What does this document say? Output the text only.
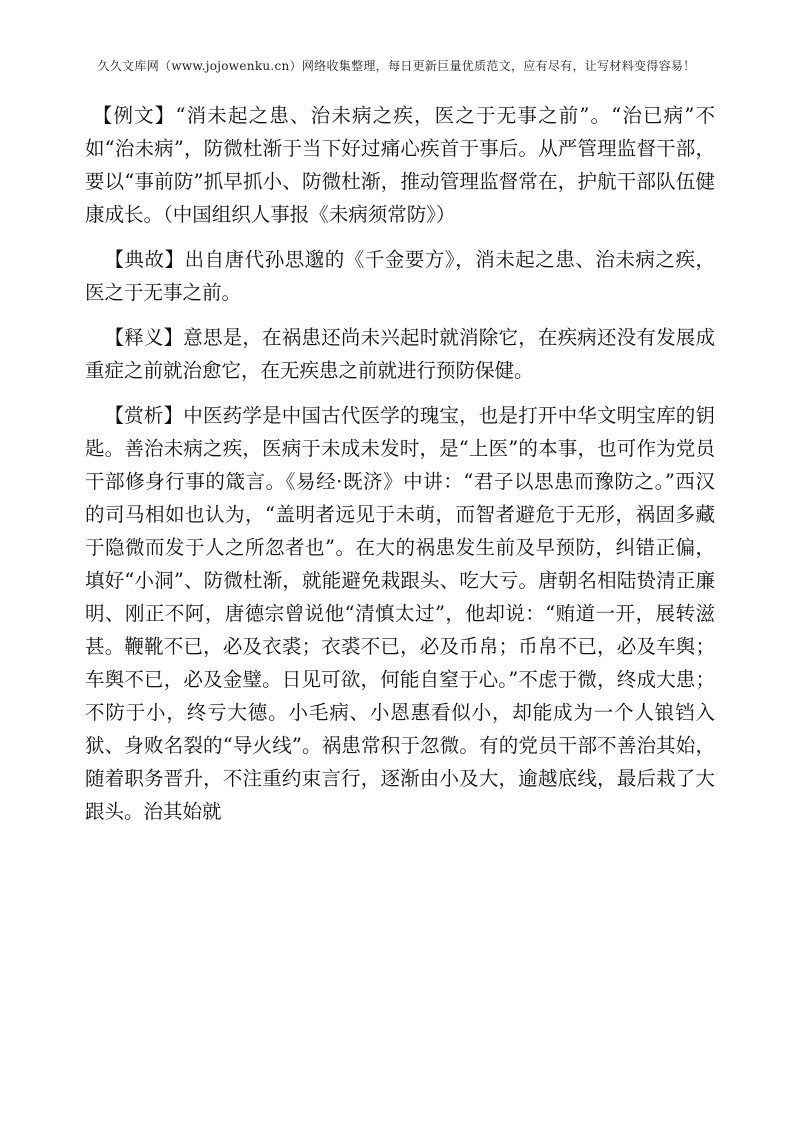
久久文库网（www.jojowenku.cn）网络收集整理，每日更新巨量优质范文，应有尽有，让写材料变得容易！

【例文】“消未起之患、治未病之疾，医之于无事之前”。“治已病”不如“治未病”，防微杜渐于当下好过痛心疾首于事后。从严管理监督干部，要以“事前防”抓早抓小、防微杜渐，推动管理监督常在，护航干部队伍健康成长。（中国组织人事报《未病须常防》）

【典故】出自唐代孙思邈的《千金要方》，消未起之患、治未病之疾，医之于无事之前。

【释义】意思是，在祸患还尚未兴起时就消除它，在疾病还没有发展成重症之前就治愈它，在无疾患之前就进行预防保健。

【赏析】中医药学是中国古代医学的瑰宝，也是打开中华文明宝库的钥匙。善治未病之疾，医病于未成未发时，是“上医”的本事，也可作为党员干部修身行事的箴言。《易经·既济》中讲：“君子以思患而豫防之。”西汉的司马相如也认为，“盖明者远见于未萌，而智者避危于无形，祸固多藏于隐微而发于人之所忽者也”。在大的祸患发生前及早预防，纠错正偏，填好“小洞”、防微杜渐，就能避免栽跟头、吃大亏。唐朝名相陆贽清正廉明、刚正不阿，唐德宗曾说他“清慎太过”，他却说：“贿道一开，展转滋甚。鞭靴不已，必及衣裘；衣裘不已，必及币帛；币帛不已，必及车舆；车舆不已，必及金璧。日见可欲，何能自窒于心。”不虑于微，终成大患；不防于小，终亏大德。小毛病、小恩惠看似小，却能成为一个人锒铛入狱、身败名裂的“导火线”。祸患常积于忽微。有的党员干部不善治其始，随着职务晋升，不注重约束言行，逐渐由小及大，逾越底线，最后栽了大跟头。治其始就
